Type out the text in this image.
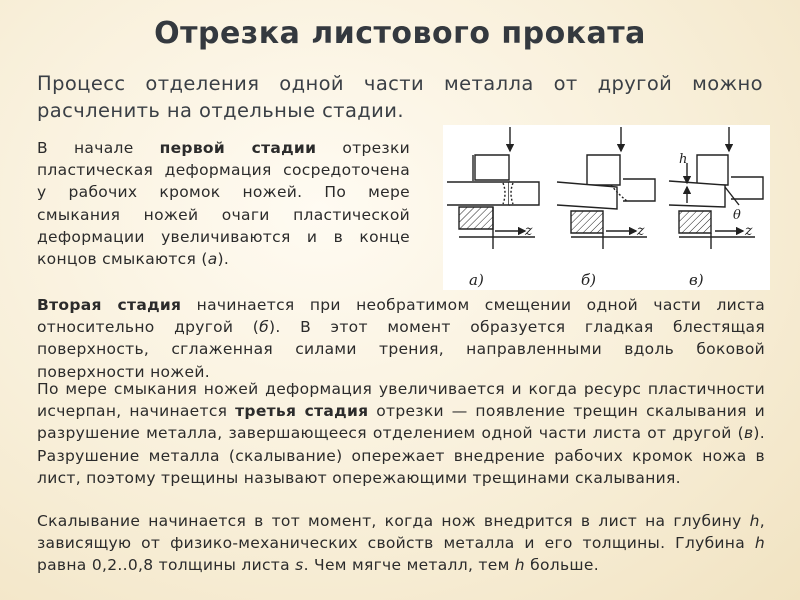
Отрезка листового проката
Процесс отделения одной части металла от другой можно расчленить на отдельные стадии.
В начале первой стадии отрезки пластическая деформация сосредоточена у рабочих кромок ножей. По мере смыкания ножей очаги пластической деформации увеличиваются и в конце концов смыкаются (а).
z
а)
z
б)
h
θ
z
в)
Вторая стадия начинается при необратимом смещении одной части листа относительно другой (б). В этот момент образуется гладкая блестящая поверхность, сглаженная силами трения, направленными вдоль боковой поверхности ножей.
По мере смыкания ножей деформация увеличивается и когда ресурс пластичности исчерпан, начинается третья стадия отрезки — появление трещин скалывания и разрушение металла, завершающееся отделением одной части листа от другой (в). Разрушение металла (скалывание) опережает внедрение рабочих кромок ножа в лист, поэтому трещины называют опережающими трещинами скалывания.
Скалывание начинается в тот момент, когда нож внедрится в лист на глубину h, зависящую от физико-механических свойств металла и его толщины. Глубина h равна 0,2..0,8 толщины листа s. Чем мягче металл, тем h больше.
